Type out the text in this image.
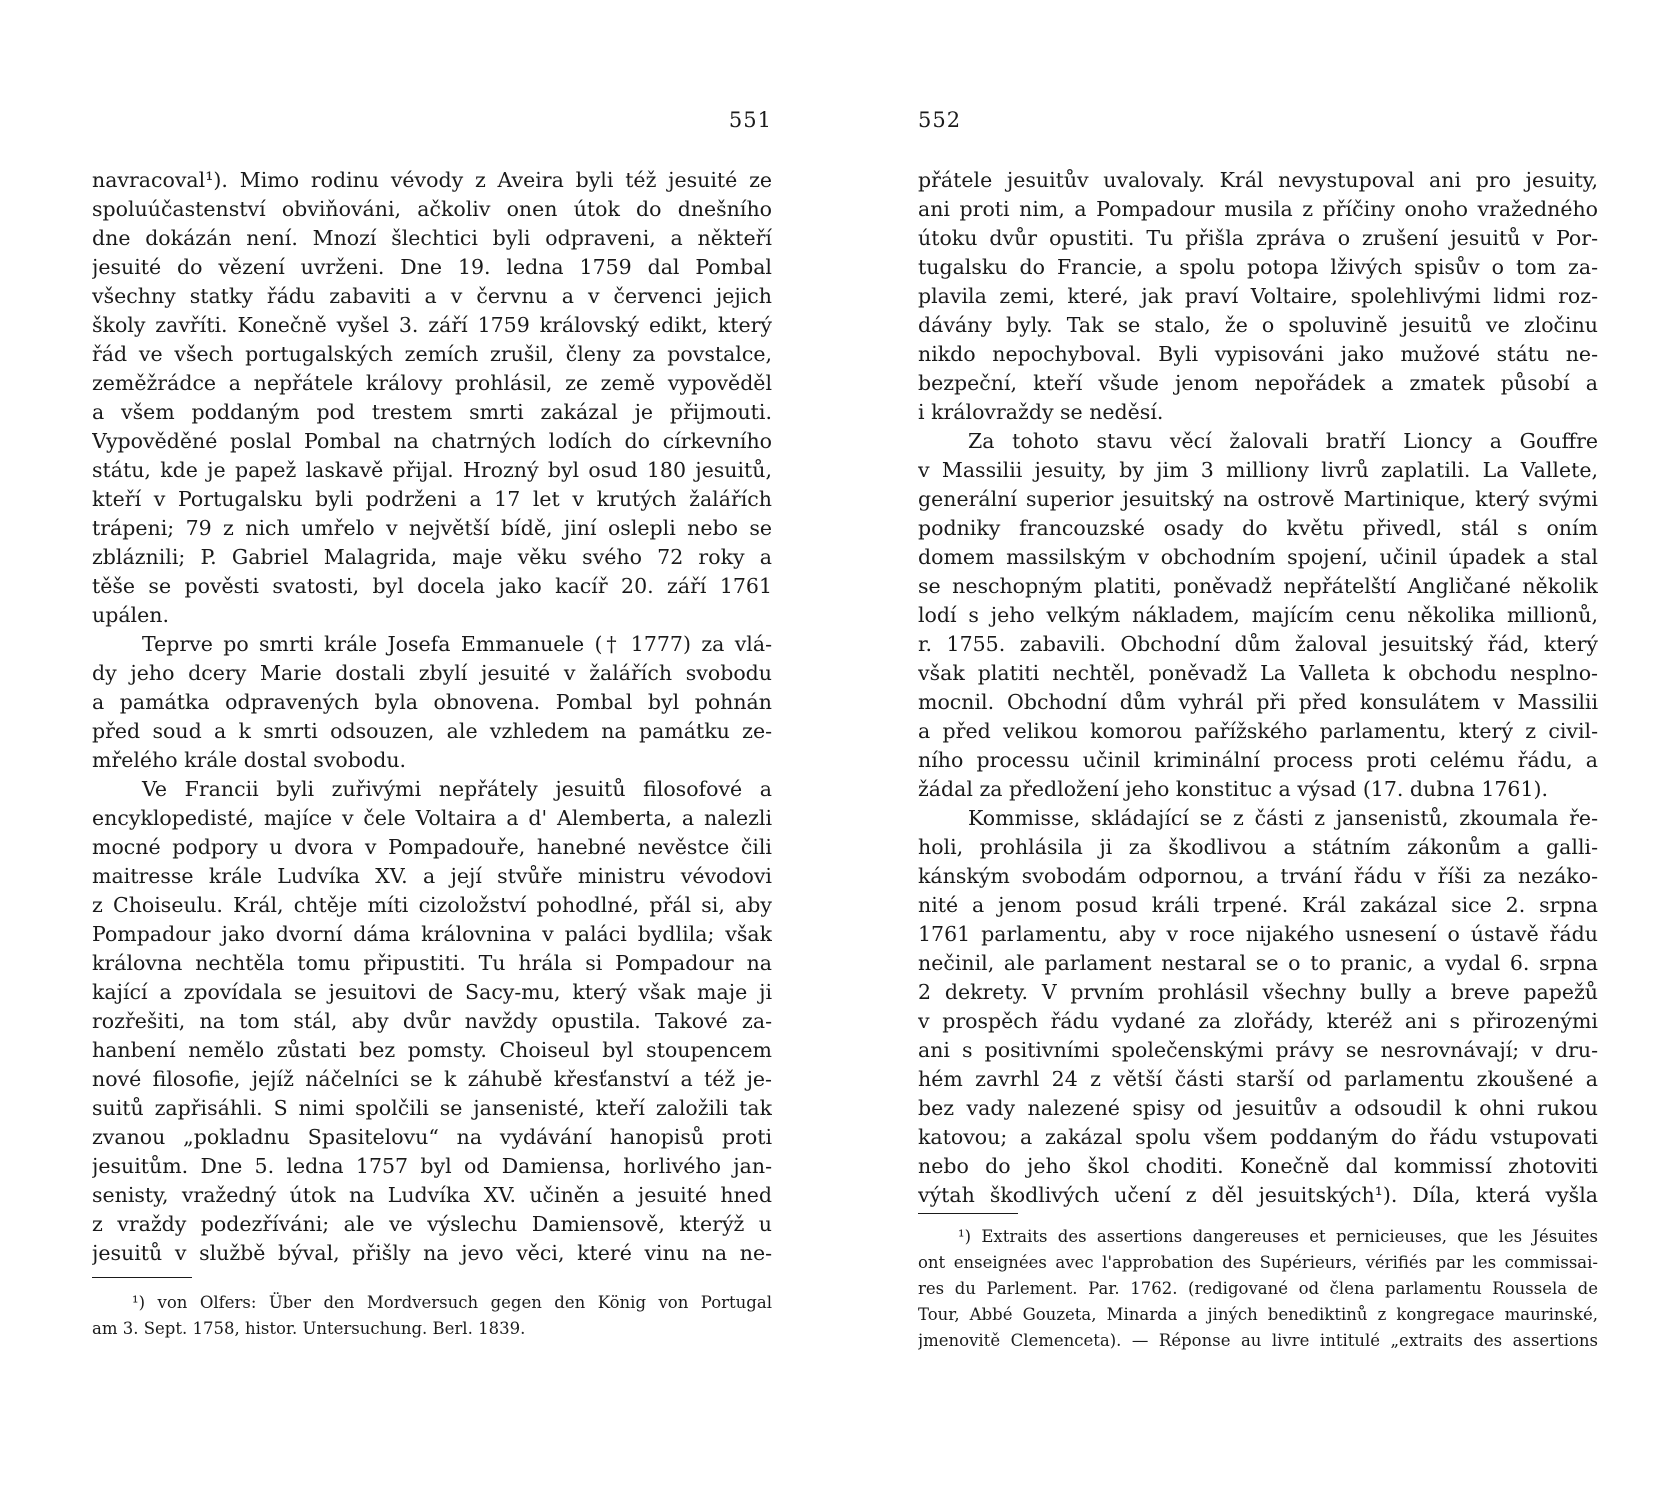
551
navracoval¹). Mimo rodinu vévody z Aveira byli též jesuité ze
spoluúčastenství obviňováni, ačkoliv onen útok do dnešního
dne dokázán není. Mnozí šlechtici byli odpraveni, a někteří
jesuité do vězení uvrženi. Dne 19. ledna 1759 dal Pombal
všechny statky řádu zabaviti a v červnu a v červenci jejich
školy zavříti. Konečně vyšel 3. září 1759 královský edikt, který
řád ve všech portugalských zemích zrušil, členy za povstalce,
zeměžrádce a nepřátele královy prohlásil, ze země vypověděl
a všem poddaným pod trestem smrti zakázal je přijmouti.
Vypověděné poslal Pombal na chatrných lodích do církevního
státu, kde je papež laskavě přijal. Hrozný byl osud 180 jesuitů,
kteří v Portugalsku byli podrženi a 17 let v krutých žalářích
trápeni; 79 z nich umřelo v největší bídě, jiní oslepli nebo se
zbláznili; P. Gabriel Malagrida, maje věku svého 72 roky a
těše se pověsti svatosti, byl docela jako kacíř 20. září 1761
upálen.
Teprve po smrti krále Josefa Emmanuele († 1777) za vlá-
dy jeho dcery Marie dostali zbylí jesuité v žalářích svobodu
a památka odpravených byla obnovena. Pombal byl pohnán
před soud a k smrti odsouzen, ale vzhledem na památku ze-
mřelého krále dostal svobodu.
Ve Francii byli zuřivými nepřátely jesuitů filosofové a
encyklopedisté, majíce v čele Voltaira a d' Alemberta, a nalezli
mocné podpory u dvora v Pompadouře, hanebné nevěstce čili
maitresse krále Ludvíka XV. a její stvůře ministru vévodovi
z Choiseulu. Král, chtěje míti cizoložství pohodlné, přál si, aby
Pompadour jako dvorní dáma královnina v paláci bydlila; však
královna nechtěla tomu připustiti. Tu hrála si Pompadour na
kající a zpovídala se jesuitovi de Sacy-mu, který však maje ji
rozřešiti, na tom stál, aby dvůr navždy opustila. Takové za-
hanbení nemělo zůstati bez pomsty. Choiseul byl stoupencem
nové filosofie, jejíž náčelníci se k záhubě křesťanství a též je-
suitů zapřisáhli. S nimi spolčili se jansenisté, kteří založili tak
zvanou „pokladnu Spasitelovu“ na vydávání hanopisů proti
jesuitům. Dne 5. ledna 1757 byl od Damiensa, horlivého jan-
senisty, vražedný útok na Ludvíka XV. učiněn a jesuité hned
z vraždy podezříváni; ale ve výslechu Damiensově, kterýž u
jesuitů v službě býval, přišly na jevo věci, které vinu na ne-
¹) von Olfers: Über den Mordversuch gegen den König von Portugal
am 3. Sept. 1758, histor. Untersuchung. Berl. 1839.
552
přátele jesuitův uvalovaly. Král nevystupoval ani pro jesuity,
ani proti nim, a Pompadour musila z příčiny onoho vražedného
útoku dvůr opustiti. Tu přišla zpráva o zrušení jesuitů v Por-
tugalsku do Francie, a spolu potopa lživých spisův o tom za-
plavila zemi, které, jak praví Voltaire, spolehlivými lidmi roz-
dávány byly. Tak se stalo, že o spoluvině jesuitů ve zločinu
nikdo nepochyboval. Byli vypisováni jako mužové státu ne-
bezpeční, kteří všude jenom nepořádek a zmatek působí a
i královraždy se neděsí.
Za tohoto stavu věcí žalovali bratří Lioncy a Gouffre
v Massilii jesuity, by jim 3 milliony livrů zaplatili. La Vallete,
generální superior jesuitský na ostrově Martinique, který svými
podniky francouzské osady do květu přivedl, stál s oním
domem massilským v obchodním spojení, učinil úpadek a stal
se neschopným platiti, poněvadž nepřátelští Angličané několik
lodí s jeho velkým nákladem, majícím cenu několika millionů,
r. 1755. zabavili. Obchodní dům žaloval jesuitský řád, který
však platiti nechtěl, poněvadž La Valleta k obchodu nesplno-
mocnil. Obchodní dům vyhrál při před konsulátem v Massilii
a před velikou komorou pařížského parlamentu, který z civil-
ního processu učinil kriminální process proti celému řádu, a
žádal za předložení jeho konstituc a výsad (17. dubna 1761).
Kommisse, skládající se z části z jansenistů, zkoumala ře-
holi, prohlásila ji za škodlivou a státním zákonům a galli-
kánským svobodám odpornou, a trvání řádu v říši za nezáko-
nité a jenom posud králi trpené. Král zakázal sice 2. srpna
1761 parlamentu, aby v roce nijakého usnesení o ústavě řádu
nečinil, ale parlament nestaral se o to pranic, a vydal 6. srpna
2 dekrety. V prvním prohlásil všechny bully a breve papežů
v prospěch řádu vydané za zlořády, kteréž ani s přirozenými
ani s positivními společenskými právy se nesrovnávají; v dru-
hém zavrhl 24 z větší části starší od parlamentu zkoušené a
bez vady nalezené spisy od jesuitův a odsoudil k ohni rukou
katovou; a zakázal spolu všem poddaným do řádu vstupovati
nebo do jeho škol choditi. Konečně dal kommissí zhotoviti
výtah škodlivých učení z děl jesuitských¹). Díla, která vyšla
¹) Extraits des assertions dangereuses et pernicieuses, que les Jésuites
ont enseignées avec l'approbation des Supérieurs, vérifiés par les commissai-
res du Parlement. Par. 1762. (redigované od člena parlamentu Roussela de
Tour, Abbé Gouzeta, Minarda a jiných benediktinů z kongregace maurinské,
jmenovitě Clemenceta). — Réponse au livre intitulé „extraits des assertions
